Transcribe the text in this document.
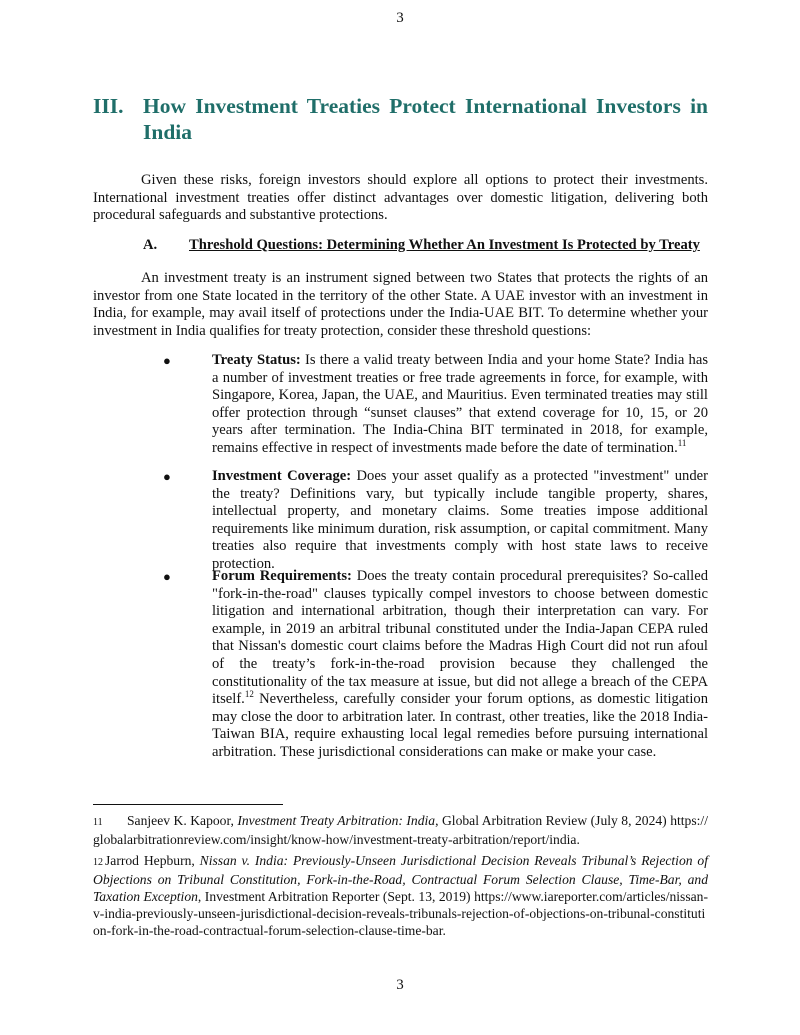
3
III. How Investment Treaties Protect International Investors in India
Given these risks, foreign investors should explore all options to protect their investments. International investment treaties offer distinct advantages over domestic litigation, delivering both procedural safeguards and substantive protections.
A. Threshold Questions: Determining Whether An Investment Is Protected by Treaty
An investment treaty is an instrument signed between two States that protects the rights of an investor from one State located in the territory of the other State. A UAE investor with an investment in India, for example, may avail itself of protections under the India-UAE BIT. To determine whether your investment in India qualifies for treaty protection, consider these threshold questions:
●	Treaty Status: Is there a valid treaty between India and your home State? India has a number of investment treaties or free trade agreements in force, for example, with Singapore, Korea, Japan, the UAE, and Mauritius. Even terminated treaties may still offer protection through “sunset clauses” that extend coverage for 10, 15, or 20 years after termination. The India-China BIT terminated in 2018, for example, remains effective in respect of investments made before the date of termination.$^{11}$
●	Investment Coverage: Does your asset qualify as a protected "investment" under the treaty? Definitions vary, but typically include tangible property, shares, intellectual property, and monetary claims. Some treaties impose additional requirements like minimum duration, risk assumption, or capital commitment. Many treaties also require that investments comply with host state laws to receive protection.
●	Forum Requirements: Does the treaty contain procedural prerequisites? So-called "fork-in-the-road" clauses typically compel investors to choose between domestic litigation and international arbitration, though their interpretation can vary. For example, in 2019 an arbitral tribunal constituted under the India-Japan CEPA ruled that Nissan's domestic court claims before the Madras High Court did not run afoul of the treaty’s fork-in-the-road provision because they challenged the constitutionality of the tax measure at issue, but did not allege a breach of the CEPA itself.$^{12}$ Nevertheless, carefully consider your forum options, as domestic litigation may close the door to arbitration later. In contrast, other treaties, like the 2018 India-Taiwan BIA, require exhausting local legal remedies before pursuing international arbitration. These jurisdictional considerations can make or make your case.
11 Sanjeev K. Kapoor, Investment Treaty Arbitration: India, Global Arbitration Review (July 8, 2024) https://globalarbitrationreview.com/insight/know-how/investment-treaty-arbitration/report/india.
12 Jarrod Hepburn, Nissan v. India: Previously-Unseen Jurisdictional Decision Reveals Tribunal’s Rejection of Objections on Tribunal Constitution, Fork-in-the-Road, Contractual Forum Selection Clause, Time-Bar, and Taxation Exception, Investment Arbitration Reporter (Sept. 13, 2019) https://www.iareporter.com/articles/nissan-v-india-previously-unseen-jurisdictional-decision-reveals-tribunals-rejection-of-objections-on-tribunal-constitution-fork-in-the-road-contractual-forum-selection-clause-time-bar.
3
